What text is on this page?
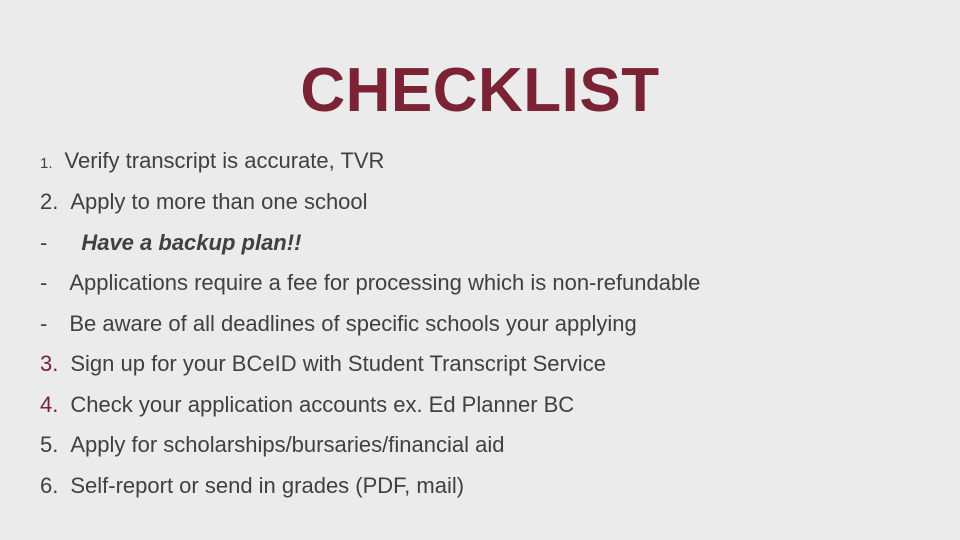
CHECKLIST
1. Verify transcript is accurate, TVR
2. Apply to more than one school
- Have a backup plan!!
- Applications require a fee for processing which is non-refundable
- Be aware of all deadlines of specific schools your applying
3. Sign up for your BCeID with Student Transcript Service
4. Check your application accounts ex. Ed Planner BC
5. Apply for scholarships/bursaries/financial aid
6. Self-report or send in grades (PDF, mail)
